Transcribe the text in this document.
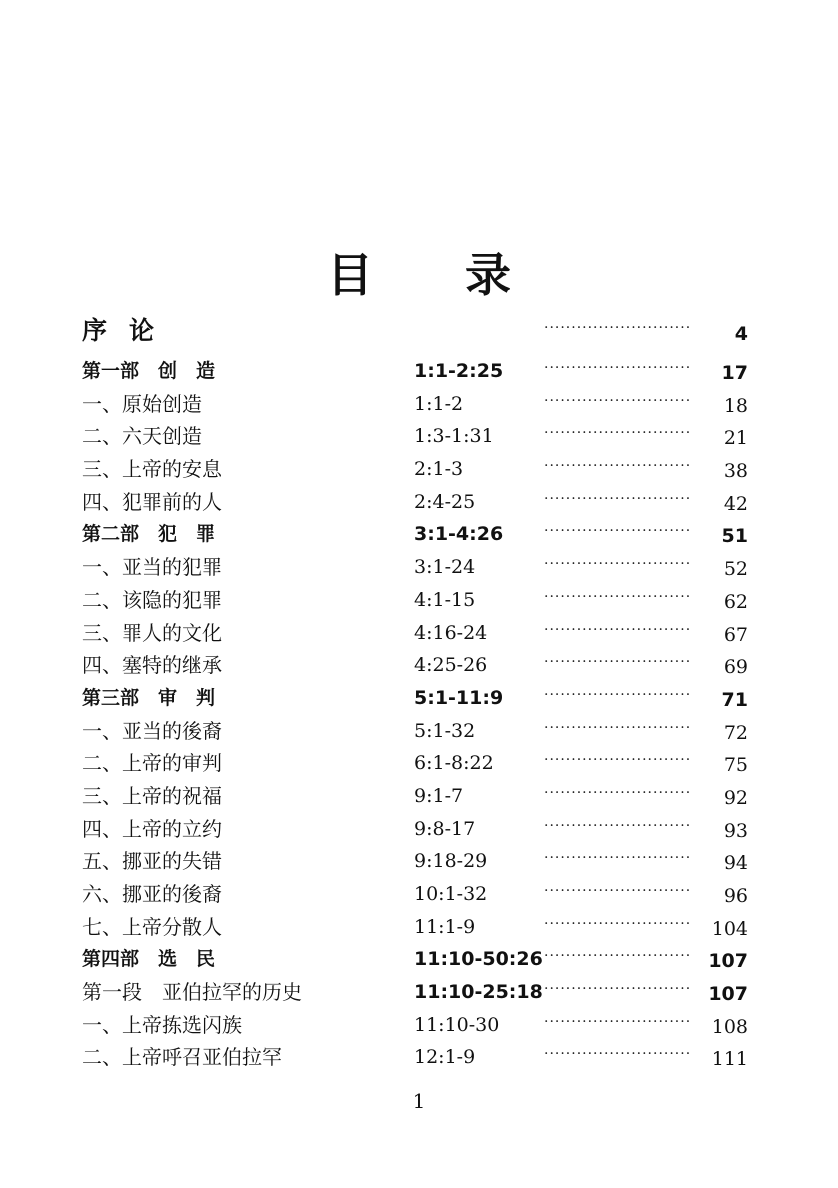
目 录
序论	···························	4
第一部　创　造	1:1-2:25	···························	17
一、原始创造	1:1-2	···························	18
二、六天创造	1:3-1:31	···························	21
三、上帝的安息	2:1-3	···························	38
四、犯罪前的人	2:4-25	···························	42
第二部　犯　罪	3:1-4:26	···························	51
一、亚当的犯罪	3:1-24	···························	52
二、该隐的犯罪	4:1-15	···························	62
三、罪人的文化	4:16-24	···························	67
四、塞特的继承	4:25-26	···························	69
第三部　审　判	5:1-11:9	···························	71
一、亚当的後裔	5:1-32	···························	72
二、上帝的审判	6:1-8:22	···························	75
三、上帝的祝福	9:1-7	···························	92
四、上帝的立约	9:8-17	···························	93
五、挪亚的失错	9:18-29	···························	94
六、挪亚的後裔	10:1-32	···························	96
七、上帝分散人	11:1-9	···························	104
第四部　选　民	11:10-50:26 ··························· 107
第一段　亚伯拉罕的历史	11:10-25:18 ··························· 107
一、上帝拣选闪族	11:10-30	···························	108
二、上帝呼召亚伯拉罕	12:1-9	···························	111
1
